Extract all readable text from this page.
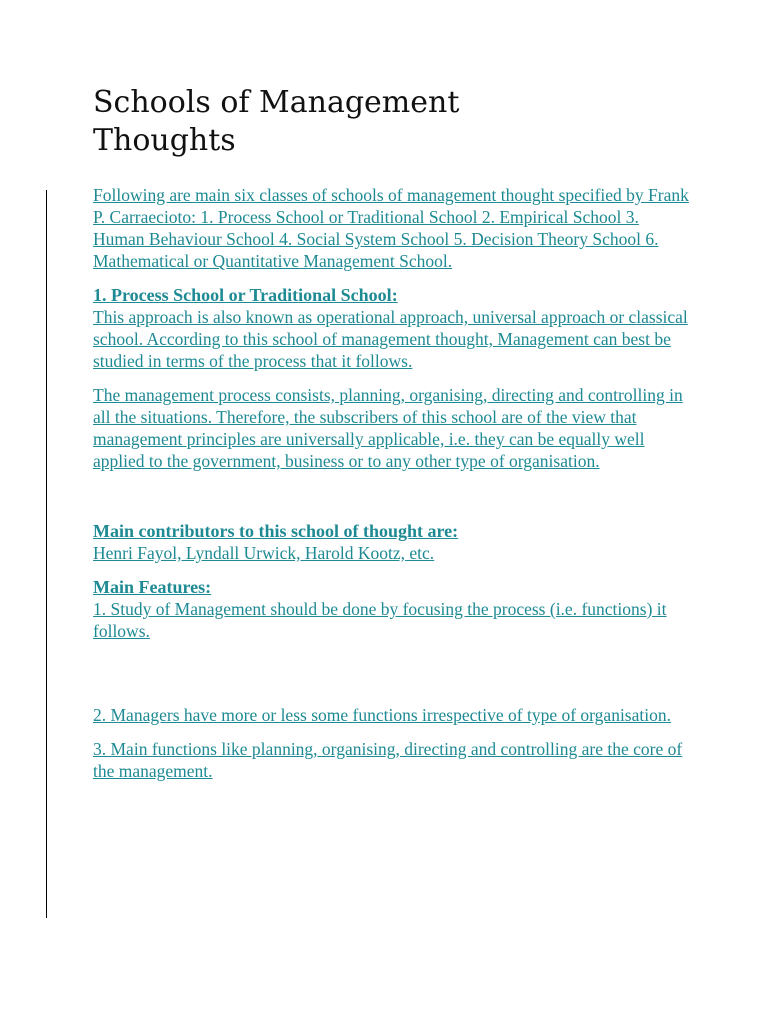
Schools of Management
Thoughts

Following are main six classes of schools of management thought specified by Frank P. Carraecioto: 1. Process School or Traditional School 2. Empirical School 3. Human Behaviour School 4. Social System School 5. Decision Theory School 6. Mathematical or Quantitative Management School.

1. Process School or Traditional School:

This approach is also known as operational approach, universal approach or classical school. According to this school of management thought, Management can best be studied in terms of the process that it follows.

The management process consists, planning, organising, directing and controlling in all the situations. Therefore, the subscribers of this school are of the view that management principles are universally applicable, i.e. they can be equally well applied to the government, business or to any other type of organisation.

Main contributors to this school of thought are:

Henri Fayol, Lyndall Urwick, Harold Kootz, etc.

Main Features:

1. Study of Management should be done by focusing the process (i.e. functions) it follows.

2. Managers have more or less some functions irrespective of type of organisation.

3. Main functions like planning, organising, directing and controlling are the core of the management.
